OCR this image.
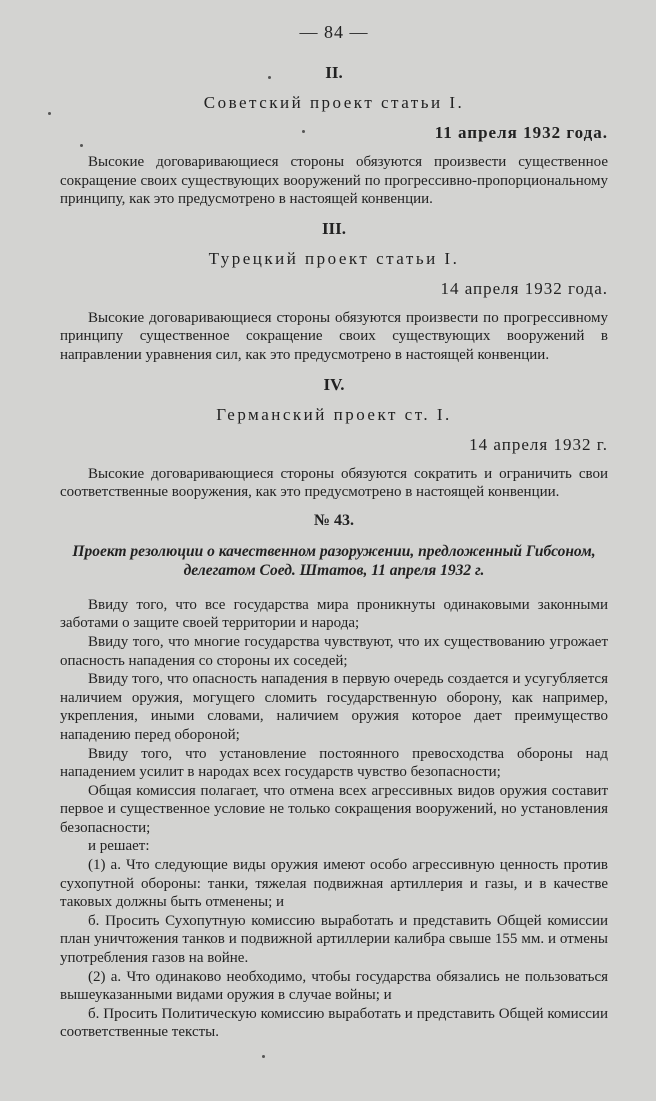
— 84 —
II.
Советский проект статьи I.
11 апреля 1932 года.

Высокие договаривающиеся стороны обязуются произвести существенное сокращение своих существующих вооружений по прогрессивно-пропорциональному принципу, как это предусмотрено в настоящей конвенции.

III.
Турецкий проект статьи I.
14 апреля 1932 года.

Высокие договаривающиеся стороны обязуются произвести по прогрессивному принципу существенное сокращение своих существующих вооружений в направлении уравнения сил, как это предусмотрено в настоящей конвенции.

IV.
Германский проект ст. I.
14 апреля 1932 г.

Высокие договаривающиеся стороны обязуются сократить и ограничить свои соответственные вооружения, как это предусмотрено в настоящей конвенции.

№ 43.
Проект резолюции о качественном разоружении, предложенный Гибсоном, делегатом Соед. Штатов, 11 апреля 1932 г.

Ввиду того, что все государства мира проникнуты одинаковыми законными заботами о защите своей территории и народа;

Ввиду того, что многие государства чувствуют, что их существованию угрожает опасность нападения со стороны их соседей;

Ввиду того, что опасность нападения в первую очередь создается и усугубляется наличием оружия, могущего сломить государственную оборону, как например, укрепления, иными словами, наличием оружия которое дает преимущество нападению перед обороной;

Ввиду того, что установление постоянного превосходства обороны над нападением усилит в народах всех государств чувство безопасности;

Общая комиссия полагает, что отмена всех агрессивных видов оружия составит первое и существенное условие не только сокращения вооружений, но установления безопасности;

и решает:

(1) а. Что следующие виды оружия имеют особо агрессивную ценность против сухопутной обороны: танки, тяжелая подвижная артиллерия и газы, и в качестве таковых должны быть отменены; и

б. Просить Сухопутную комиссию выработать и представить Общей комиссии план уничтожения танков и подвижной артиллерии калибра свыше 155 мм. и отмены употребления газов на войне.

(2) а. Что одинаково необходимо, чтобы государства обязались не пользоваться вышеуказанными видами оружия в случае войны; и

б. Просить Политическую комиссию выработать и представить Общей комиссии соответственные тексты.
